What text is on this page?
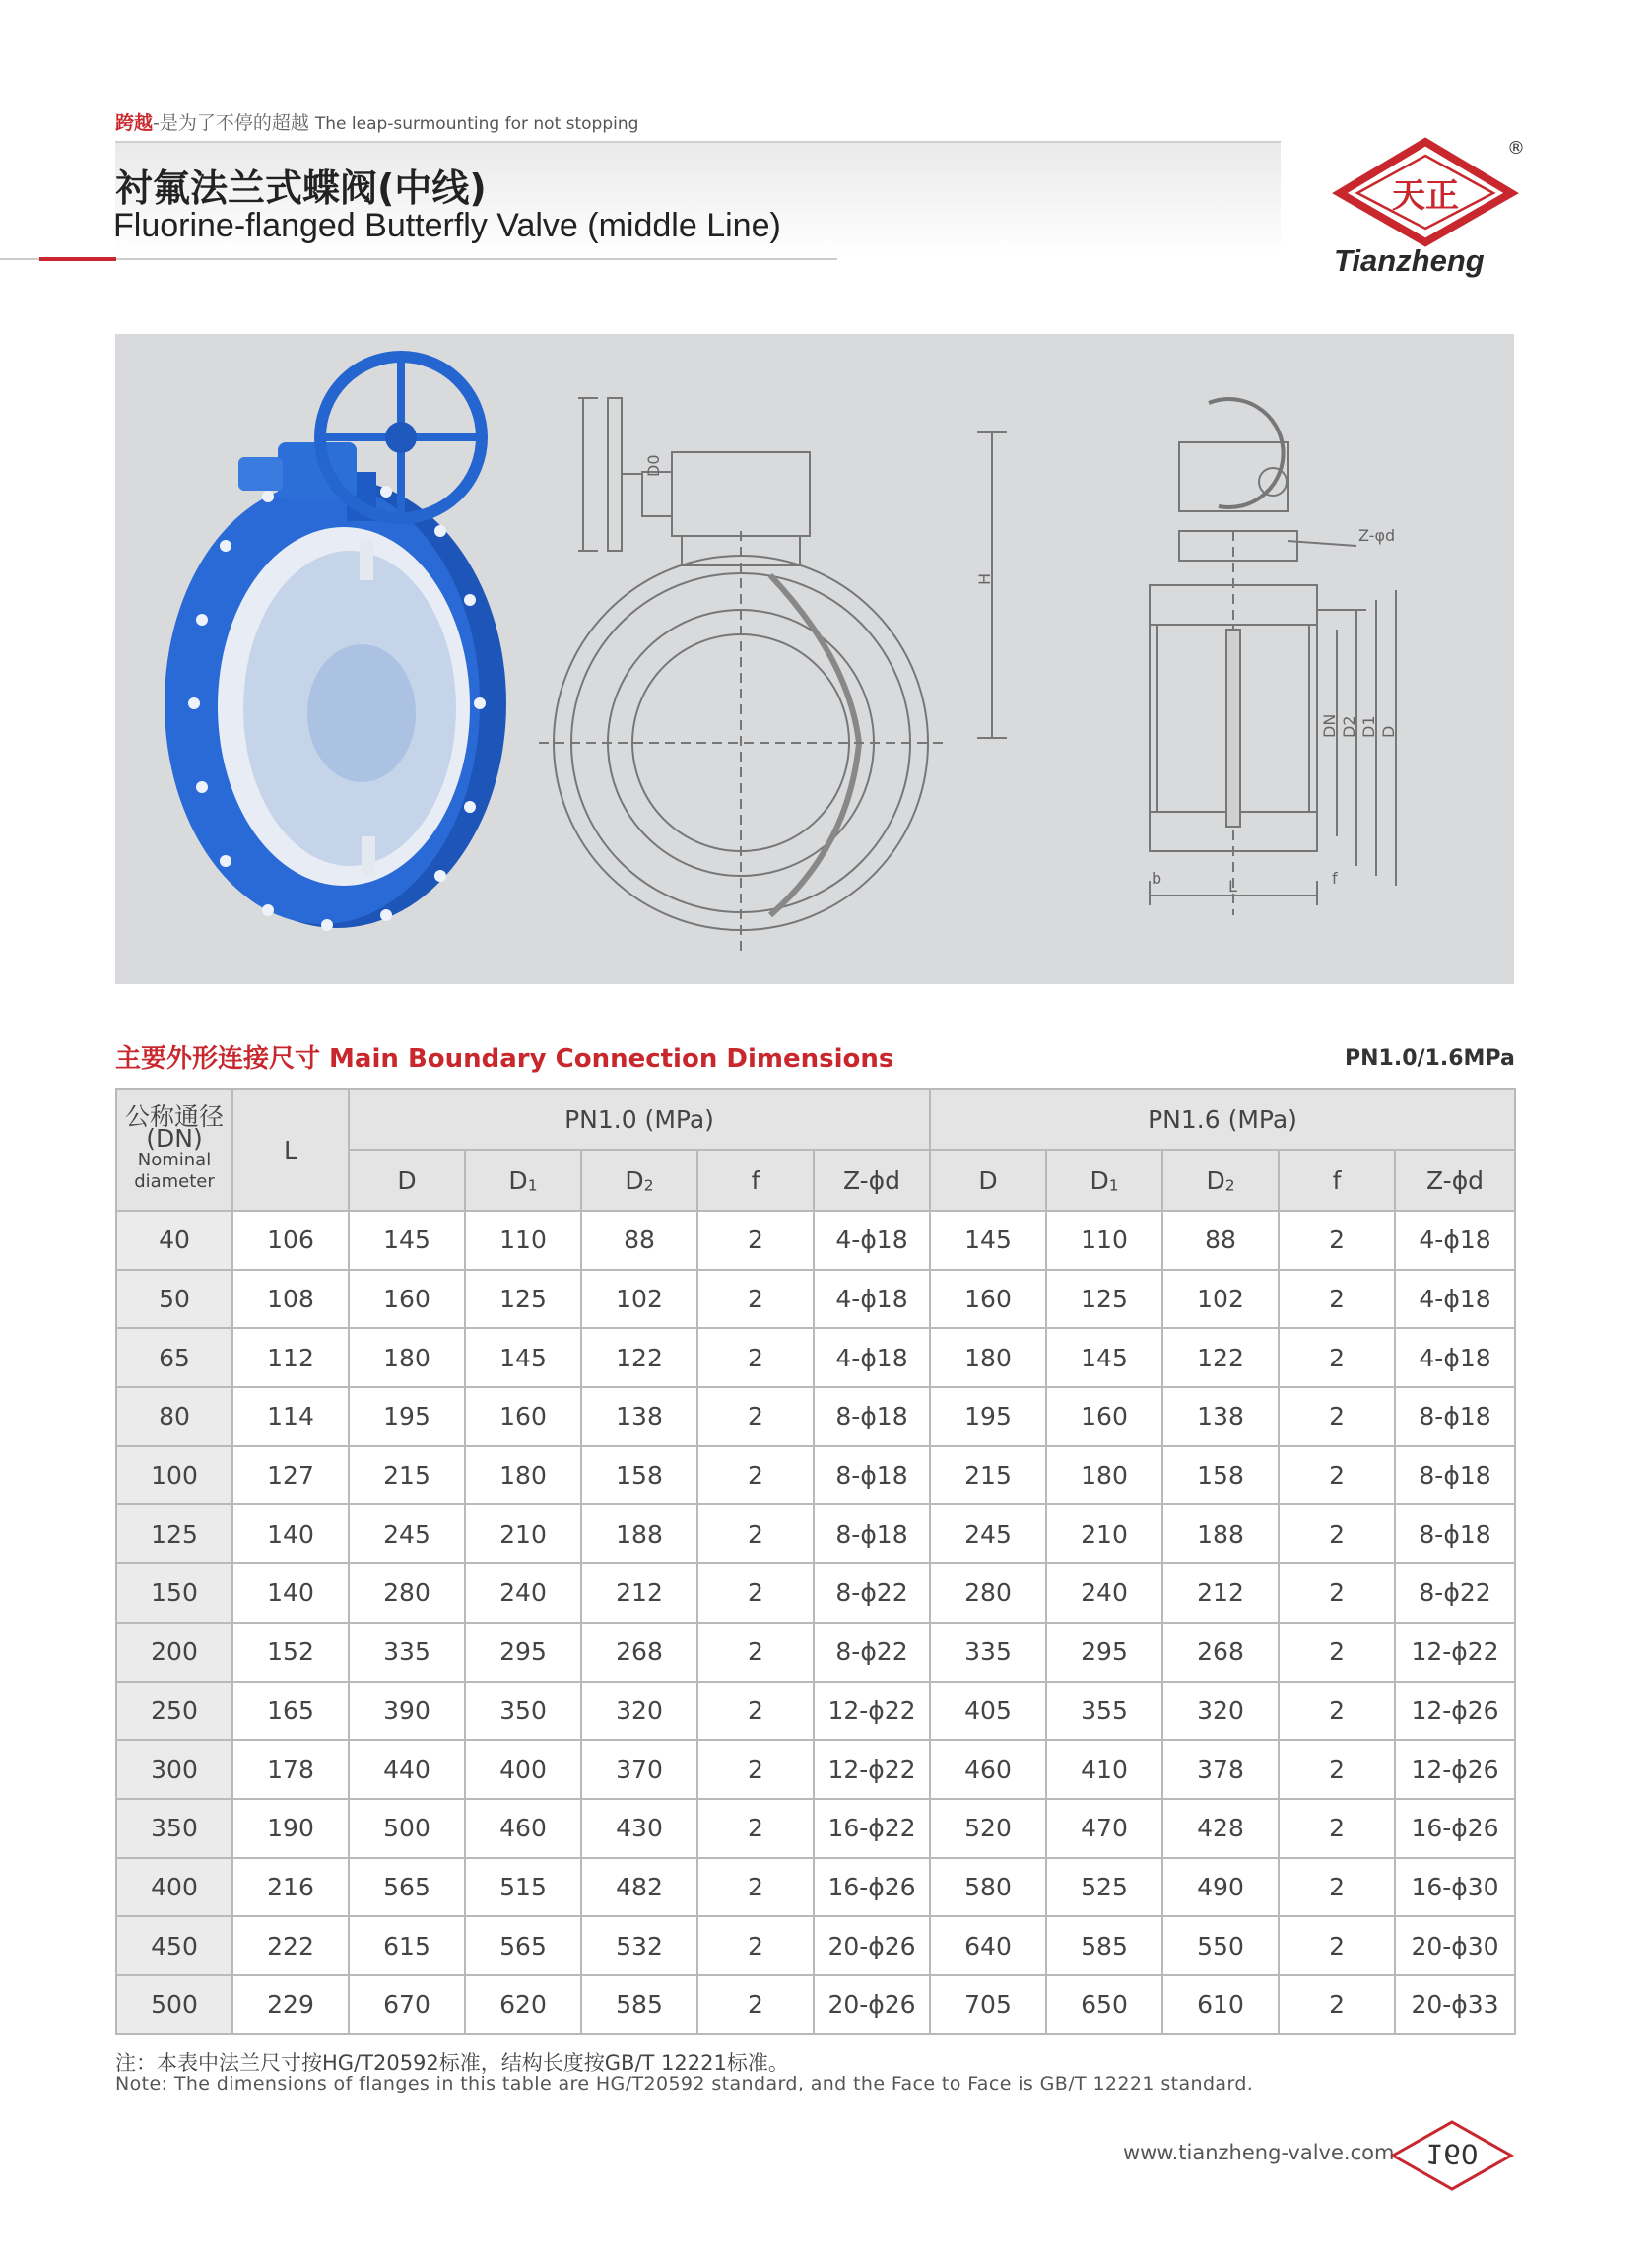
跨越-是为了不停的超越 The leap-surmounting for not stopping
衬氟法兰式蝶阀(中线)
Fluorine-flanged Butterfly Valve (middle Line)
天正
®
Tianzheng
D0
H
Z-φd
DN D2 D1 D
b	f
L
主要外形连接尺寸 Main Boundary Connection Dimensions	PN1.0/1.6MPa
公称通径
(DN)
Nominal
diameter	L	PN1.0 (MPa)					PN1.6 (MPa)				
		D	D1	D2	f	Z-ϕd	D	D1	D2	f	Z-ϕd
40	106	145	110	88	2	4-ϕ18	145	110	88	2	4-ϕ18
50	108	160	125	102	2	4-ϕ18	160	125	102	2	4-ϕ18
65	112	180	145	122	2	4-ϕ18	180	145	122	2	4-ϕ18
80	114	195	160	138	2	8-ϕ18	195	160	138	2	8-ϕ18
100	127	215	180	158	2	8-ϕ18	215	180	158	2	8-ϕ18
125	140	245	210	188	2	8-ϕ18	245	210	188	2	8-ϕ18
150	140	280	240	212	2	8-ϕ22	280	240	212	2	8-ϕ22
200	152	335	295	268	2	8-ϕ22	335	295	268	2	12-ϕ22
250	165	390	350	320	2	12-ϕ22	405	355	320	2	12-ϕ26
300	178	440	400	370	2	12-ϕ22	460	410	378	2	12-ϕ26
350	190	500	460	430	2	16-ϕ22	520	470	428	2	16-ϕ26
400	216	565	515	482	2	16-ϕ26	580	525	490	2	16-ϕ30
450	222	615	565	532	2	20-ϕ26	640	585	550	2	20-ϕ30
500	229	670	620	585	2	20-ϕ26	705	650	610	2	20-ϕ33
注：本表中法兰尺寸按HG/T20592标准，结构长度按GB/T 12221标准。
Note: The dimensions of flanges in this table are HG/T20592 standard, and the Face to Face is GB/T 12221 standard.
www.tianzheng-valve.com	160
